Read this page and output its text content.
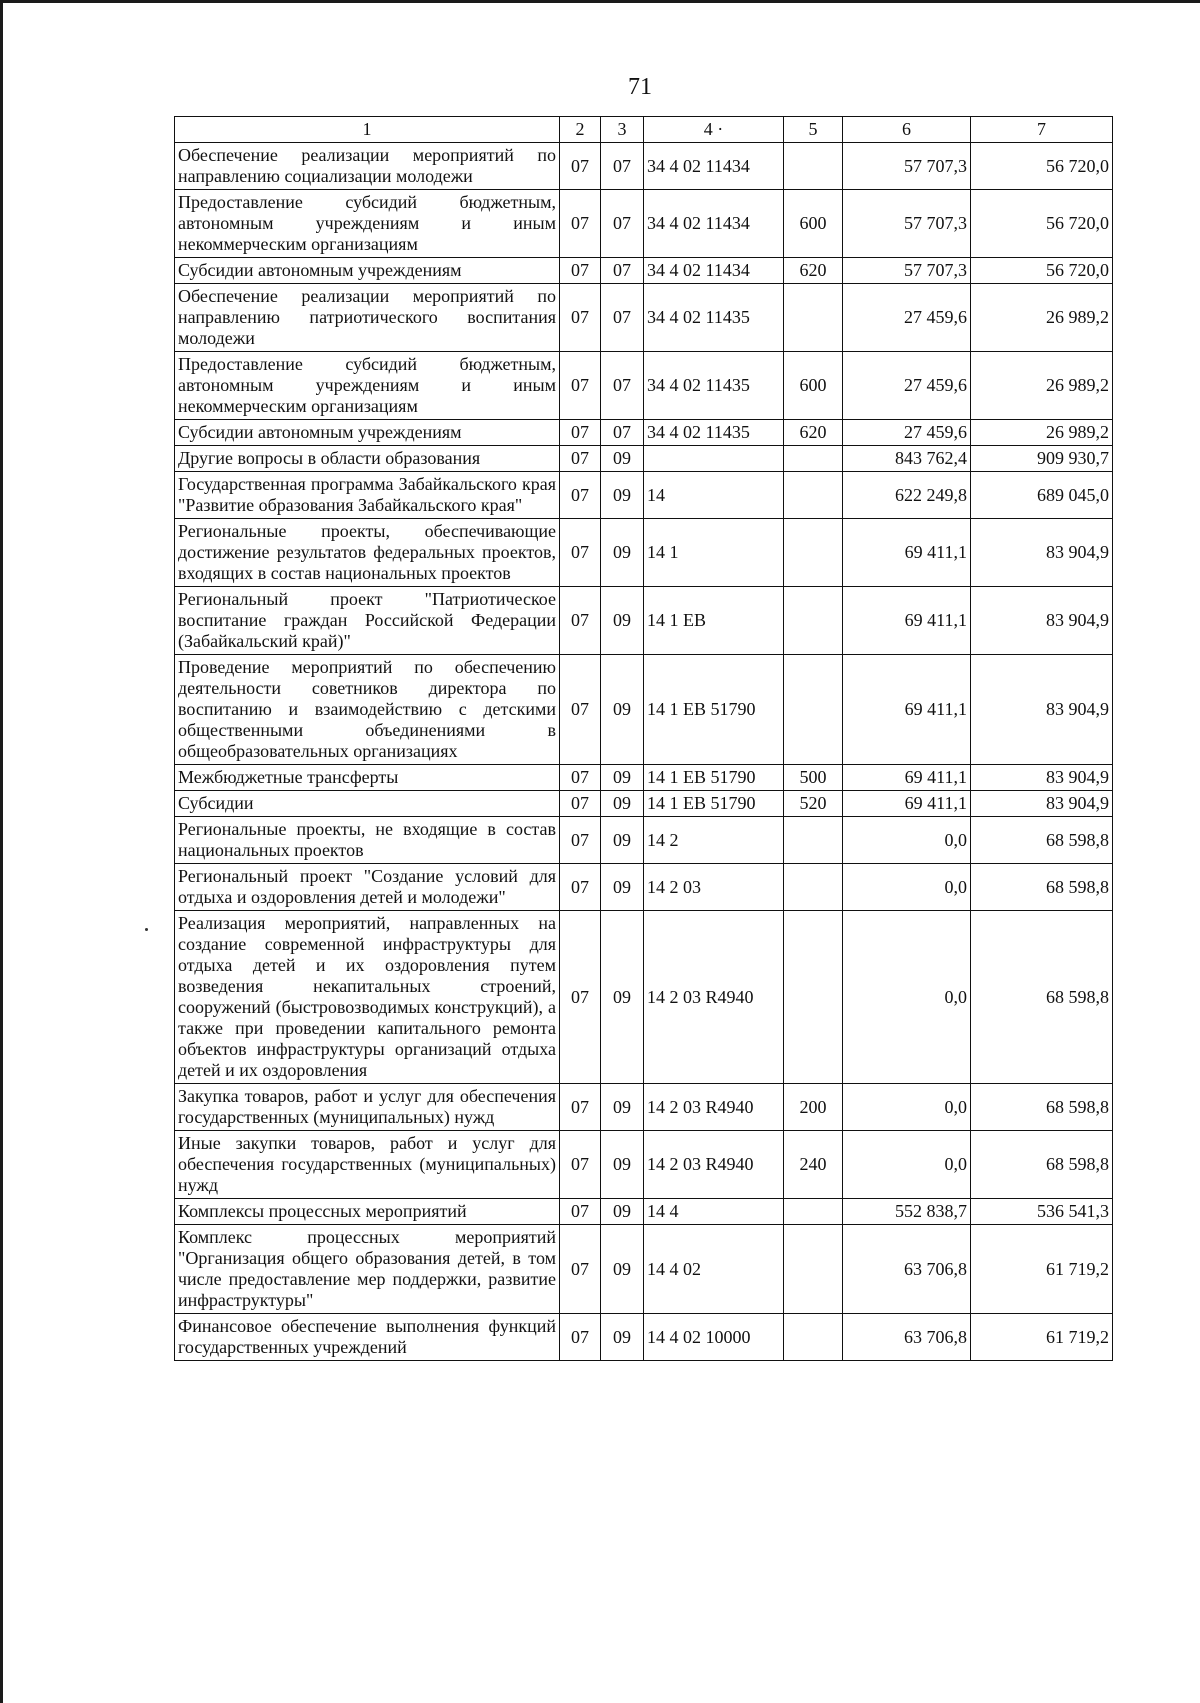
71
1	2	3	4 ·	5	6	7
Обеспечение реализации мероприятий по направлению социализации молодежи	07	07	34 4 02 11434		57 707,3	56 720,0
Предоставление субсидий бюджетным, автономным учреждениям и иным некоммерческим организациям	07	07	34 4 02 11434	600	57 707,3	56 720,0
Субсидии автономным учреждениям	07	07	34 4 02 11434	620	57 707,3	56 720,0
Обеспечение реализации мероприятий по направлению патриотического воспитания молодежи	07	07	34 4 02 11435		27 459,6	26 989,2
Предоставление субсидий бюджетным, автономным учреждениям и иным некоммерческим организациям	07	07	34 4 02 11435	600	27 459,6	26 989,2
Субсидии автономным учреждениям	07	07	34 4 02 11435	620	27 459,6	26 989,2
Другие вопросы в области образования	07	09			843 762,4	909 930,7
Государственная программа Забайкальского края "Развитие образования Забайкальского края"	07	09	14		622 249,8	689 045,0
Региональные проекты, обеспечивающие достижение результатов федеральных проектов, входящих в состав национальных проектов	07	09	14 1		69 411,1	83 904,9
Региональный проект "Патриотическое воспитание граждан Российской Федерации (Забайкальский край)"	07	09	14 1 EB		69 411,1	83 904,9
Проведение мероприятий по обеспечению деятельности советников директора по воспитанию и взаимодействию с детскими общественными объединениями в общеобразовательных организациях	07	09	14 1 EB 51790		69 411,1	83 904,9
Межбюджетные трансферты	07	09	14 1 EB 51790	500	69 411,1	83 904,9
Субсидии	07	09	14 1 EB 51790	520	69 411,1	83 904,9
Региональные проекты, не входящие в состав национальных проектов	07	09	14 2		0,0	68 598,8
Региональный проект "Создание условий для отдыха и оздоровления детей и молодежи"	07	09	14 2 03		0,0	68 598,8
Реализация мероприятий, направленных на создание современной инфраструктуры для отдыха детей и их оздоровления путем возведения некапитальных строений, сооружений (быстровозводимых конструкций), а также при проведении капитального ремонта объектов инфраструктуры организаций отдыха детей и их оздоровления	07	09	14 2 03 R4940		0,0	68 598,8
Закупка товаров, работ и услуг для обеспечения государственных (муниципальных) нужд	07	09	14 2 03 R4940	200	0,0	68 598,8
Иные закупки товаров, работ и услуг для обеспечения государственных (муниципальных) нужд	07	09	14 2 03 R4940	240	0,0	68 598,8
Комплексы процессных мероприятий	07	09	14 4		552 838,7	536 541,3
Комплекс процессных мероприятий "Организация общего образования детей, в том числе предоставление мер поддержки, развитие инфраструктуры"	07	09	14 4 02		63 706,8	61 719,2
Финансовое обеспечение выполнения функций государственных учреждений	07	09	14 4 02 10000		63 706,8	61 719,2
